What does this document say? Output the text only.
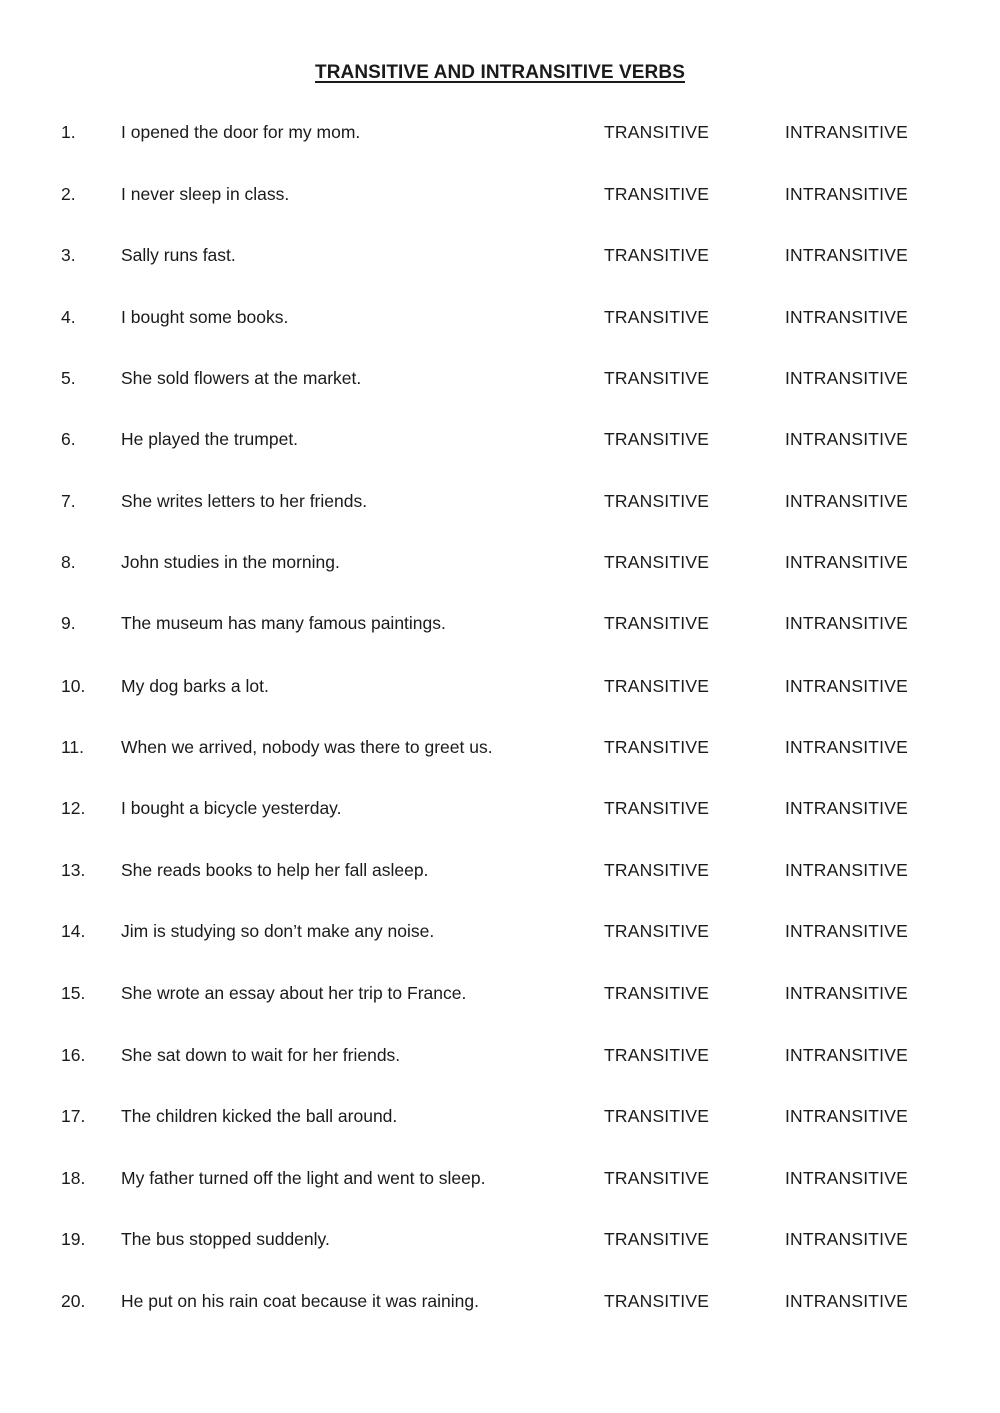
TRANSITIVE AND INTRANSITIVE VERBS
1.	I opened the door for my mom.	TRANSITIVE	INTRANSITIVE
2.	I never sleep in class.	TRANSITIVE	INTRANSITIVE
3.	Sally runs fast.	TRANSITIVE	INTRANSITIVE
4.	I bought some books.	TRANSITIVE	INTRANSITIVE
5.	She sold flowers at the market.	TRANSITIVE	INTRANSITIVE
6.	He played the trumpet.	TRANSITIVE	INTRANSITIVE
7.	She writes letters to her friends.	TRANSITIVE	INTRANSITIVE
8.	John studies in the morning.	TRANSITIVE	INTRANSITIVE
9.	The museum has many famous paintings.	TRANSITIVE	INTRANSITIVE
10. My dog barks a lot.	TRANSITIVE	INTRANSITIVE
11. When we arrived, nobody was there to greet us.	TRANSITIVE	INTRANSITIVE
12. I bought a bicycle yesterday.	TRANSITIVE	INTRANSITIVE
13. She reads books to help her fall asleep.	TRANSITIVE	INTRANSITIVE
14. Jim is studying so don’t make any noise.	TRANSITIVE	INTRANSITIVE
15. She wrote an essay about her trip to France.	TRANSITIVE	INTRANSITIVE
16. She sat down to wait for her friends.	TRANSITIVE	INTRANSITIVE
17. The children kicked the ball around.	TRANSITIVE	INTRANSITIVE
18. My father turned off the light and went to sleep.	TRANSITIVE	INTRANSITIVE
19. The bus stopped suddenly.	TRANSITIVE	INTRANSITIVE
20. He put on his rain coat because it was raining.	TRANSITIVE	INTRANSITIVE
